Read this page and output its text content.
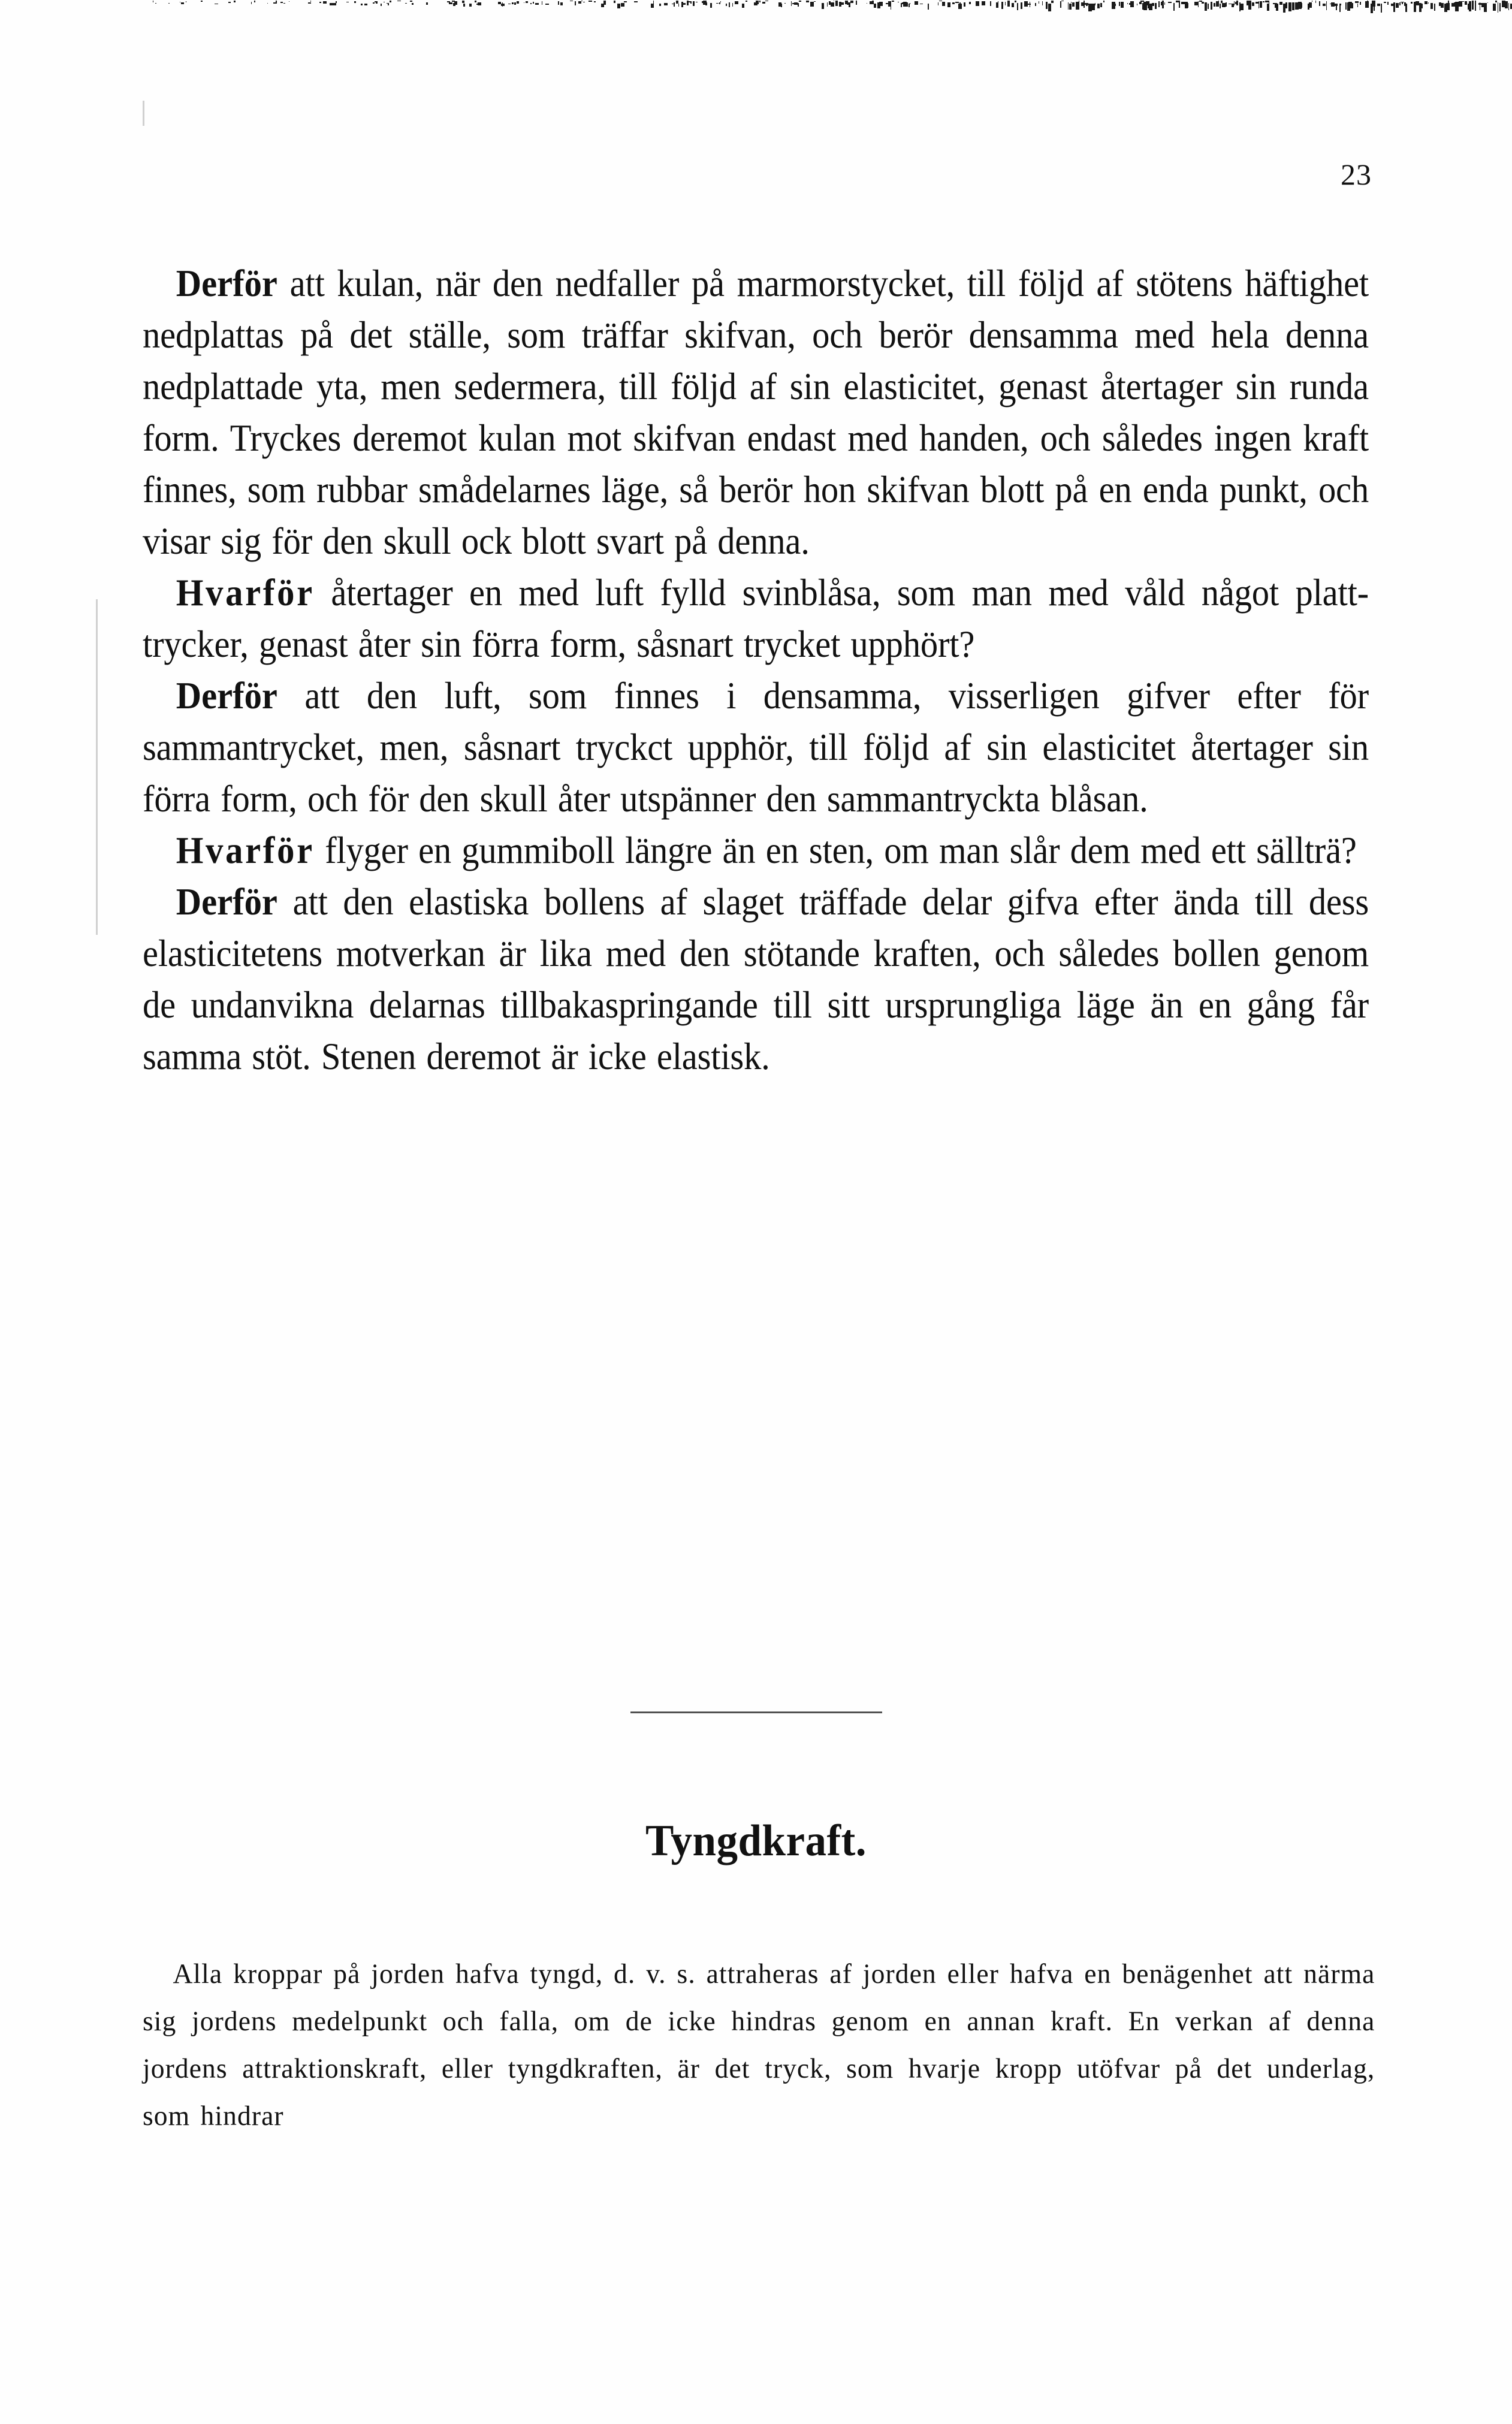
23

Derför att kulan, när den nedfaller på marmorstycket, till följd af stötens häftighet nedplattas på det ställe, som träffar skifvan, och berör densamma med hela denna nedplattade yta, men sedermera, till följd af sin elasticitet, genast återtager sin runda form. Tryckes deremot kulan mot skifvan endast med handen, och således ingen kraft finnes, som rubbar smådelarnes läge, så berör hon skifvan blott på en enda punkt, och visar sig för den skull ock blott svart på denna.

Hvarför återtager en med luft fylld svinblåsa, som man med våld något platt-trycker, genast åter sin förra form, såsnart trycket upphört?

Derför att den luft, som finnes i densamma, visserligen gifver efter för sammantrycket, men, såsnart tryckct upphör, till följd af sin elasticitet återtager sin förra form, och för den skull åter utspänner den sammantryckta blåsan.

Hvarför flyger en gummiboll längre än en sten, om man slår dem med ett sällträ?

Derför att den elastiska bollens af slaget träffade delar gifva efter ända till dess elasticitetens motverkan är lika med den stötande kraften, och således bollen genom de undanvikna delarnas tillbakaspringande till sitt ursprungliga läge än en gång får samma stöt. Stenen deremot är icke elastisk.

Tyngdkraft.

Alla kroppar på jorden hafva tyngd, d. v. s. attraheras af jorden eller hafva en benägenhet att närma sig jordens medelpunkt och falla, om de icke hindras genom en annan kraft. En verkan af denna jordens attraktionskraft, eller tyngdkraften, är det tryck, som hvarje kropp utöfvar på det underlag, som hindrar
